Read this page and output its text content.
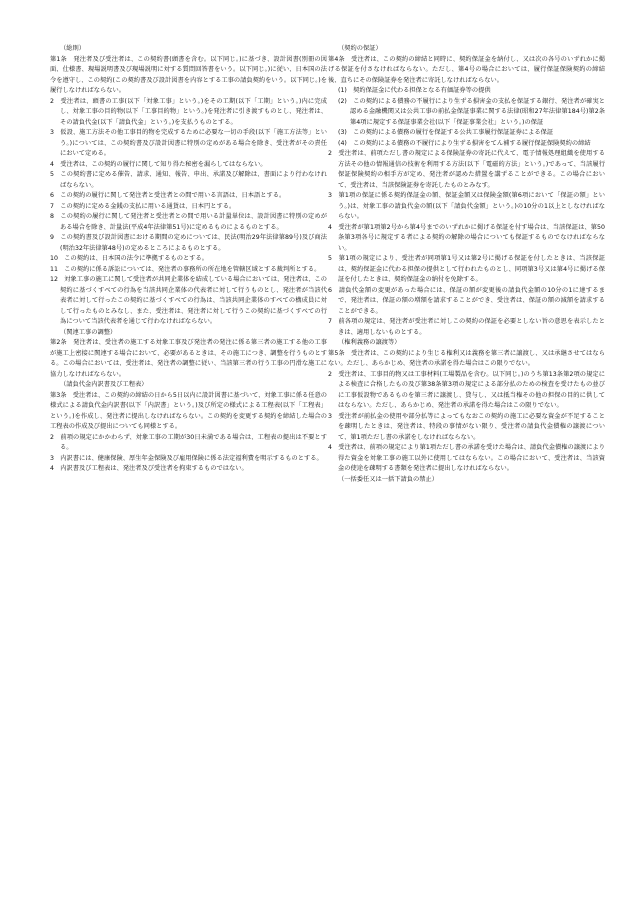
（総則）

第1条　 発注者及び受注者は、この契約書(頭書を含む。以下同じ。)に基づき、設計図書(別冊の図面、仕様書、現場説明書及び現場説明に対する質問回答書をいう。以下同じ。)に従い、日本国の法令を遵守し、この契約(この契約書及び設計図書を内容とする工事の請負契約をいう。以下同じ。)を履行しなければならない。

2　受注者は、頭書の工事(以下「対象工事」という。)をその工期(以下「工期」という。)内に完成し、対象工事の目的物(以下「工事目的物」という。)を発注者に引き渡すものとし、発注者は、その請負代金(以下「請負代金」という。)を支払うものとする。

3　仮設、施工方法その他工事目的物を完成するために必要な一切の手段(以下「施工方法等」という。)については、この契約書及び設計図書に特別の定めがある場合を除き、受注者がその責任において定める。

4　受注者は、この契約の履行に関して知り得た秘密を漏らしてはならない。

5　この契約書に定める催告、請求、通知、報告、申出、承諾及び解除は、書面により行わなければならない。

6　この契約の履行に関して発注者と受注者との間で用いる言語は、日本語とする。

7　この契約に定める金銭の支払に用いる通貨は、日本円とする。

8　この契約の履行に関して発注者と受注者との間で用いる計量単位は、設計図書に特別の定めがある場合を除き、計量法(平成4年法律第51号)に定めるものによるものとする。

9　この契約書及び設計図書における期間の定めについては、民法(明治29年法律第89号)及び商法(明治32年法律第48号)の定めるところによるものとする。

10　この契約は、日本国の法令に準拠するものとする。

11　この契約に係る訴訟については、発注者の事務所の所在地を管轄区域とする裁判所とする。

12　対象工事の施工に関して受注者が共同企業体を結成している場合においては、発注者は、この契約に基づくすべての行為を当該共同企業体の代表者に対して行うものとし、発注者が当該代表者に対して行ったこの契約に基づくすべての行為は、当該共同企業体のすべての構成員に対して行ったものとみなし、また、受注者は、発注者に対して行うこの契約に基づくすべての行為について当該代表者を通じて行わなければならない。

（関連工事の調整）

第2条　 発注者は、受注者の施工する対象工事及び発注者の発注に係る第三者の施工する他の工事が施工上密接に関連する場合において、必要があるときは、その施工につき、調整を行うものとする。この場合においては、受注者は、発注者の調整に従い、当該第三者の行う工事の円滑な施工に協力しなければならない。

（請負代金内訳書及び工程表）

第3条　 受注者は、この契約の締結の日から5日以内に設計図書に基づいて、対象工事に係る任意の様式による請負代金内訳書(以下「内訳書」という。)及び所定の様式による工程表(以下「工程表」という。)を作成し、発注者に提出しなければならない。この契約を変更する契約を締結した場合の工程表の作成及び提出についても同様とする。

2　前項の規定にかかわらず、対象工事の工期が30日未満である場合は、工程表の提出は不要とする。

3　内訳書には、健康保険、厚生年金保険及び雇用保険に係る法定福利費を明示するものとする。

4　内訳書及び工程表は、発注者及び受注者を拘束するものではない。

（契約の保証）

第4条　 受注者は、この契約の締結と同時に、契約保証金を納付し、又は次の各号のいずれかに掲げる保証を付さなければならない。ただし、第4号の場合においては、履行保証保険契約の締結後、直ちにその保険証券を発注者に寄託しなければならない。

(1)　契約保証金に代わる担保となる有価証券等の提供

(2)　この契約による債務の不履行により生ずる損害金の支払を保証する銀行、発注者が確実と認める金融機関又は公共工事の前払金保証事業に関する法律(昭和27年法律第184号)第2条第4項に規定する保証事業会社(以下「保証事業会社」という。)の保証

(3)　この契約による債務の履行を保証する公共工事履行保証証券による保証

(4)　この契約による債務の不履行により生ずる損害をてん補する履行保証保険契約の締結

2　受注者は、前項ただし書の規定による保険証券の寄託に代えて、電子情報処理組織を使用する方法その他の情報通信の技術を利用する方法(以下「電磁的方法」という。)であって、当該履行保証保険契約の相手方が定め、発注者が認めた措置を講ずることができる。この場合において、受注者は、当該保険証券を寄託したものとみなす。

3　第1項の保証に係る契約保証金の額、保証金額又は保険金額(第6項において「保証の額」という。)は、対象工事の請負代金の額(以下「請負代金額」という。)の10分の1以上としなければならない。

4　受注者が第1項第2号から第4号までのいずれかに掲げる保証を付す場合は、当該保証は、第50条第3項各号に規定する者による契約の解除の場合についても保証するものでなければならない。

5　第1項の規定により、受注者が同項第1号又は第2号に掲げる保証を付したときは、当該保証は、契約保証金に代わる担保の提供として行われたものとし、同項第3号又は第4号に掲げる保証を付したときは、契約保証金の納付を免除する。

6　請負代金額の変更があった場合には、保証の額が変更後の請負代金額の10分の1に達するまで、発注者は、保証の額の増額を請求することができ、受注者は、保証の額の減額を請求することができる。

7　前各項の規定は、発注者が受注者に対しこの契約の保証を必要としない旨の意思を表示したときは、適用しないものとする。

（権利義務の譲渡等）

第5条　 受注者は、この契約により生じる権利又は義務を第三者に譲渡し、又は承継させてはならない。ただし、あらかじめ、発注者の承諾を得た場合はこの限りでない。

2　受注者は、工事目的物又は工事材料(工場製品を含む。以下同じ。)のうち第13条第2項の規定による検査に合格したもの及び第38条第3項の規定による部分払のための検査を受けたもの並びに工事仮設物であるものを第三者に譲渡し、貸与し、又は抵当権その他の担保の目的に供してはならない。ただし、あらかじめ、発注者の承諾を得た場合はこの限りでない。

3　受注者が前払金の使用や部分払等によってもなおこの契約の施工に必要な資金が不足することを疎明したときは、発注者は、特段の事情がない限り、受注者の請負代金債権の譲渡について、第1項ただし書の承諾をしなければならない。

4　受注者は、前項の規定により第1項ただし書の承諾を受けた場合は、請負代金債権の譲渡により得た資金を対象工事の施工以外に使用してはならない。この場合において、受注者は、当該資金の使途を疎明する書類を発注者に提出しなければならない。

（一括委任又は一括下請負の禁止）
